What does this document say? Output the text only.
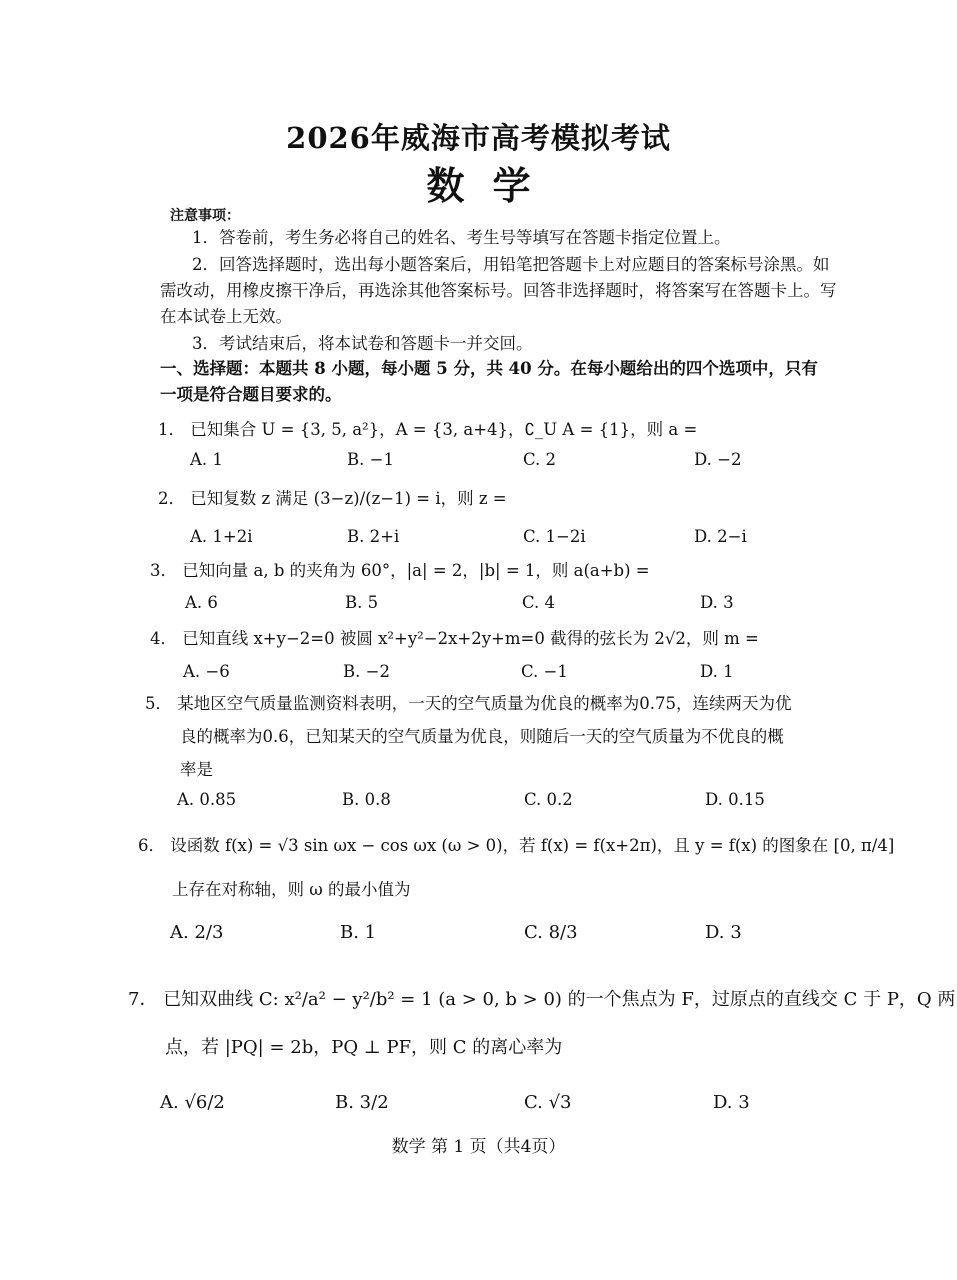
2026年威海市高考模拟考试
数学
注意事项：
1．答卷前，考生务必将自己的姓名、考生号等填写在答题卡指定位置上。
2．回答选择题时，选出每小题答案后，用铅笔把答题卡上对应题目的答案标号涂黑。如
需改动，用橡皮擦干净后，再选涂其他答案标号。回答非选择题时，将答案写在答题卡上。写
在本试卷上无效。
3．考试结束后，将本试卷和答题卡一并交回。
一、选择题：本题共 8 小题，每小题 5 分，共 40 分。在每小题给出的四个选项中，只有
一项是符合题目要求的。
1． 已知集合 U = {3, 5, a²}，A = {3, a+4}，∁_U A = {1}，则 a =
A. 1	B. −1	C. 2	D. −2
2． 已知复数 z 满足 (3−z)/(z−1) = i，则 z =
A. 1+2i	B. 2+i	C. 1−2i	D. 2−i
3． 已知向量 a, b 的夹角为 60°，|a| = 2，|b| = 1，则 a(a+b) =
A. 6	B. 5	C. 4	D. 3
4． 已知直线 x+y−2=0 被圆 x²+y²−2x+2y+m=0 截得的弦长为 2√2，则 m =
A. −6	B. −2	C. −1	D. 1
5． 某地区空气质量监测资料表明，一天的空气质量为优良的概率为0.75，连续两天为优
良的概率为0.6，已知某天的空气质量为优良，则随后一天的空气质量为不优良的概
率是
A. 0.85	B. 0.8	C. 0.2	D. 0.15
6． 设函数 f(x) = √3 sin ωx − cos ωx (ω > 0)，若 f(x) = f(x+2π)，且 y = f(x) 的图象在 [0, π/4]
上存在对称轴，则 ω 的最小值为
A. 2/3	B. 1	C. 8/3	D. 3
7． 已知双曲线 C: x²/a² − y²/b² = 1 (a > 0, b > 0) 的一个焦点为 F，过原点的直线交 C 于 P，Q 两
点，若 |PQ| = 2b，PQ ⊥ PF，则 C 的离心率为
A. √6/2	B. 3/2	C. √3	D. 3
数学 第 1 页（共4页）
